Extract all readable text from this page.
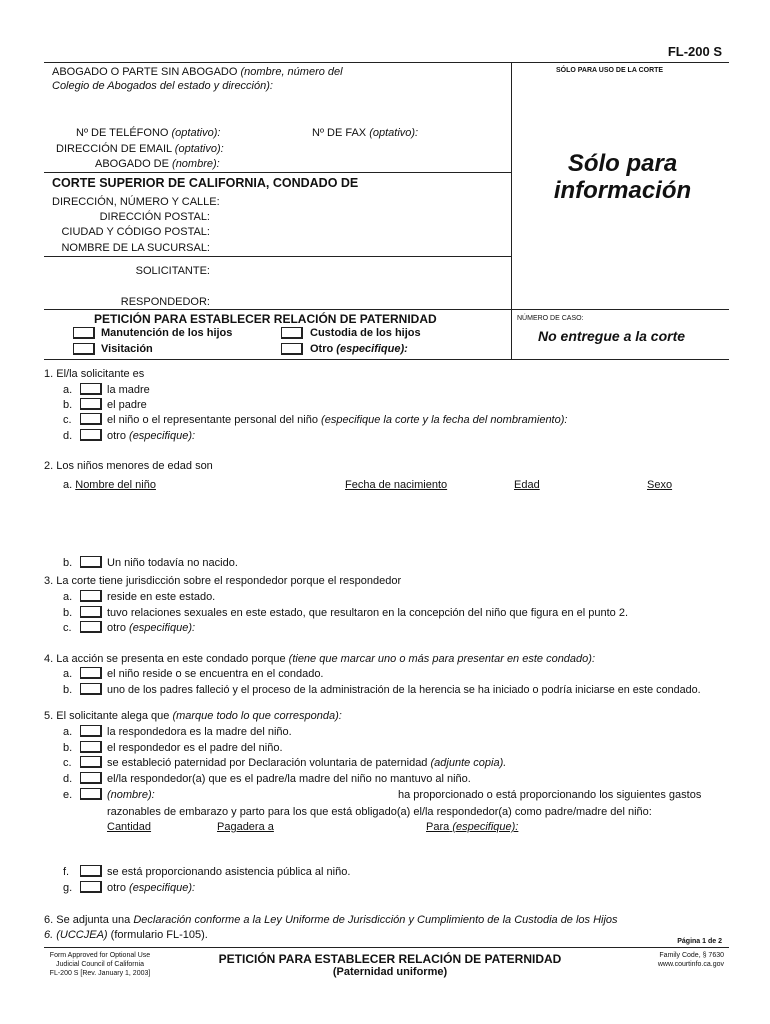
FL-200 S
ABOGADO O PARTE SIN ABOGADO (nombre, número del
Colegio de Abogados del estado y dirección):
SÓLO PARA USO DE LA CORTE
Nº DE TELÉFONO (optativo):	Nº DE FAX (optativo):
DIRECCIÓN DE EMAIL (optativo):
ABOGADO DE (nombre):	Sólo para
información
CORTE SUPERIOR DE CALIFORNIA, CONDADO DE
DIRECCIÓN, NÚMERO Y CALLE:
DIRECCIÓN POSTAL:
CIUDAD Y CÓDIGO POSTAL:
NOMBRE DE LA SUCURSAL:
SOLICITANTE:
RESPONDEDOR:
PETICIÓN PARA ESTABLECER RELACIÓN DE PATERNIDAD	NÚMERO DE CASO:
No entregue a la corte
Manutención de los hijos	Custodia de los hijos
Visitación	Otro (especifique):
1. El/la solicitante es
a.	la madre
b.	el padre
c.	el niño o el representante personal del niño (especifique la corte y la fecha del nombramiento):
d.	otro (especifique):
2. Los niños menores de edad son
a. Nombre del niño	Fecha de nacimiento	Edad	Sexo
b.	Un niño todavía no nacido.
3. La corte tiene jurisdicción sobre el respondedor porque el respondedor
a.	reside en este estado.
b.	tuvo relaciones sexuales en este estado, que resultaron en la concepción del niño que figura en el punto 2.
c.	otro (especifique):
4. La acción se presenta en este condado porque (tiene que marcar uno o más para presentar en este condado):
a.	el niño reside o se encuentra en el condado.
b.	uno de los padres falleció y el proceso de la administración de la herencia se ha iniciado o podría iniciarse en este condado.
5. El solicitante alega que (marque todo lo que corresponda):
a.	la respondedora es la madre del niño.
b.	el respondedor es el padre del niño.
c.	se estableció paternidad por Declaración voluntaria de paternidad (adjunte copia).
d.	el/la respondedor(a) que es el padre/la madre del niño no mantuvo al niño.
e.	(nombre):	ha proporcionado o está proporcionando los siguientes gastos
razonables de embarazo y parto para los que está obligado(a) el/la respondedor(a) como padre/madre del niño:
Cantidad	Pagadera a	Para (especifique):
f.	se está proporcionando asistencia pública al niño.
g.	otro (especifique):
6. Se adjunta una Declaración conforme a la Ley Uniforme de Jurisdicción y Cumplimiento de la Custodia de los Hijos
6. (UCCJEA) (formulario FL-105).
Página 1 de 2
Form Approved for Optional Use
Judicial Council of California
FL-200 S [Rev. January 1, 2003]
PETICIÓN PARA ESTABLECER RELACIÓN DE PATERNIDAD
(Paternidad uniforme)
Family Code, § 7630
www.courtinfo.ca.gov
